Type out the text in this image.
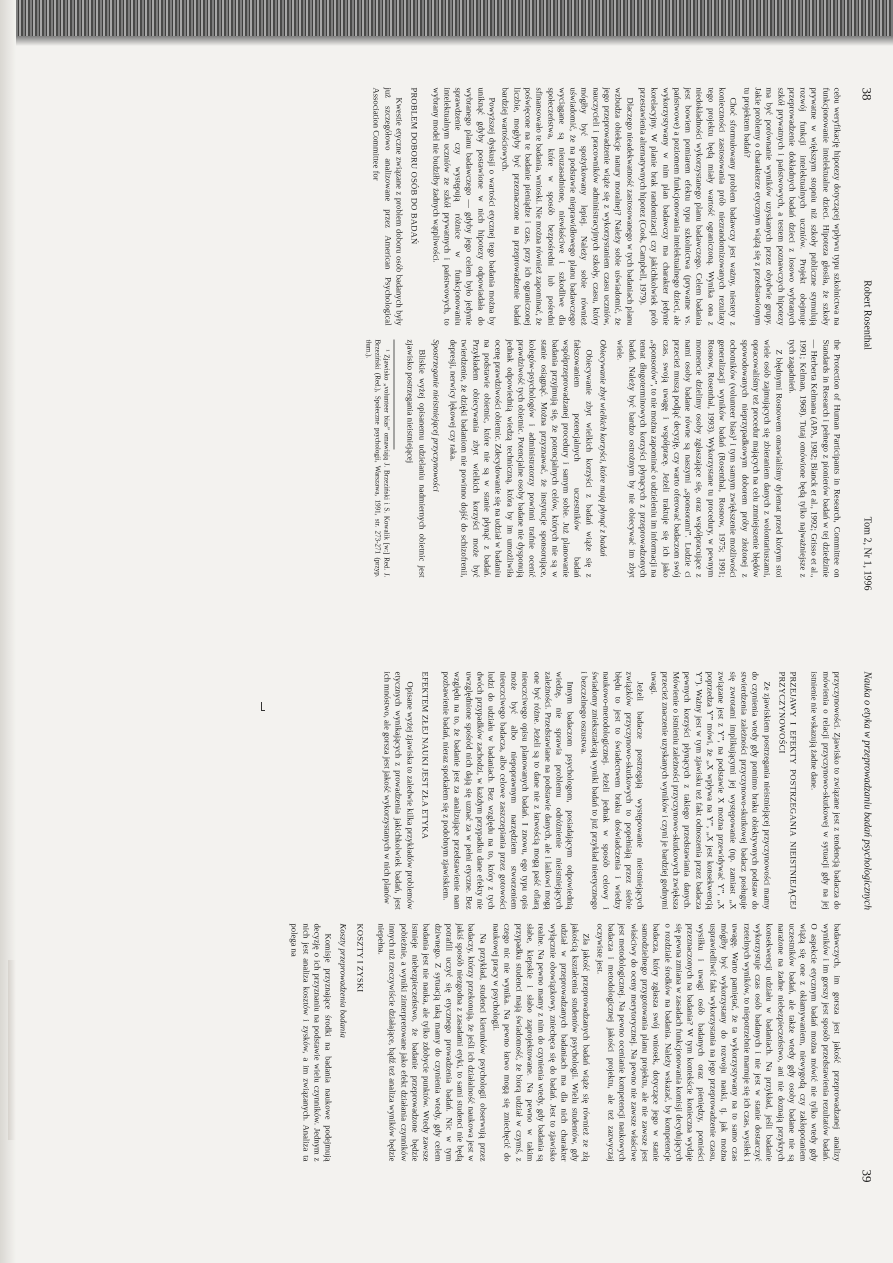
38
Robert Rosenthal
Tom 2, Nr 1, 1996

cebu weryfikację hipotezy dotyczącej wpływu typu szkolnictwa na funkcjonowanie intelektualne dzieci. Hipoteza głosiła, że szkoły prywatne w większym stopniu niż szkoły publiczne stymulują rozwój funkcji intelektualnych uczniów. Projekt obejmuje przeprowadzenie dokładnych badań dzieci z losowo wybranych szkół prywatnych i państwowych, a testem poznawczych hipotezy ma być porównanie wyników uzyskanych przez obydwie grupy. Jakie problemy o charakterze etycznym wiążą się z przedstawionym tu projektem badań?

Choć sformułowany problem badawczy jest ważny, niestety z konieczności zastosowania prób niezrandomizowanych rezultaty tego projektu będą miały wartość ograniczoną. Wynika ona z niedokładności wykorzystanego planu badawczego. Celem badania jest bowiem pomiarem efektu typu szkolnictwa (prywatne vs. państwowe) a poziomem funkcjonowania intelektualnego dzieci, ale wykorzystywany w nim plan badawczy ma charakter jedynie korelacyjny. W planie brak randomizacji czy jakichkolwiek prób przestawienia alternatywnych hipotez (Cook, Campbell, 1979).

Dlaczego nieadekwatność zastosowanego w tych badaniach planu wzbudza obiekcje natury moralnej? Należy sobie uświadomić, że jego przeprowadzenie wiąże się z wykorzystaniem czasu uczniów, nauczycieli i pracowników administracyjnych szkoły, czasu, który mógłby być spożytkowany lepiej. Należy sobie również uświadomić, że na podstawie nieprawidłowego planu badawczego wyciągane są nieuzasadnione, niewłaściwe i szkodliwe dla społeczeństwa, które w sposób bezpośredni lub pośredni sfinansowało te badania, wnioski. Nie można również zapominać, że poświęcone na te badanie pieniądze i czas, przy ich ograniczonej liczbie, mogłyby być przeznaczone na przeprowadzenie badań bardziej wartościowych.

Powyższej dyskusji o wartości etycznej tego badania można by uniknąć gdyby postawione w nich hipotezy odpowiadała do wybranego planu badawczego — gdyby jego celem było jedynie sprawdzenie czy występują różnice w funkcjonowaniu intelektualnym uczniów ze szkół prywatnych i państwowych, to wybrany model nie budziłby żadnych wątpliwości.

PROBLEM DOBORU OSÓB DO BADAŃ

Kwestie etyczne związane z problem doboru osób badanych były już szczegółowo analizowane przez American Psychological Association Committee for

the Protection of Human Participants in Research, Committee on Standards in Research i pełnego z pionierów badań w tej dziedzinie — Herberta Kelmana (APA, 1982; Blanck et al., 1992; Grisso et al., 1991; Kelman, 1968). Tutaj omówione będą tylko najważniejsze z tych zagadnień.

Z błędnymi Rosnowem omawialiśmy dylemat przed którym stoi wiele osób zajmujących się zbieraniem danych z wolontariuszami, opracowaliśmy też procedur mających na celu zmniejszenie błędów spowodowanych nieprzypadkowym doborem próby złożonej z ochotników (volunteer bias)¹ i tym samym zwiększenie możliwości generalizacji wyników badań (Rosenthal, Rosnow, 1975; 1991; Rosnow, Rosenthal, 1993). Wykorzystane tu procedury, w pewnym momencie dzielimy osoby zgłaszające się, oraz współpracujące z nami osoby badane równe są naszymi „sponsorami”. Ludzie ci przecież muszą podjąć decyzję, czy warto oferować badaczom swój czas, swoją uwagę i współpracę. Jeżeli traktuje się ich jako „sponsorów”, to nie można zapominać o udzieleniu im informacji na temat długoterminowych korzyści płynących z przeprowadzonych badań. Należy być bardzo ostrożnym by nie obiecywać im zbyt wiele.

Obiecywanie zbyt wielkich korzyści, które mają płynąć z badań

Obiecywanie zbyt wielkich korzyści z badań wiąże się z fałszowaniem potencjalnych uczestników badań współprzeprowadzanej procedury i samym sobie. Już planowanie badania przyjmują się, że potencjalnych celów, których nie są w stanie osiągnąć. Można przyznawać, że instytucje sponsorujące, kolegów-psychologów i administratorzy powinni trafnie ocenić prawdziwość tych obietnic. Potencjalne osoby badane nie dysponują jednak odpowiednią wiedzą techniczną, która by im umożliwiła ocenę prawdziwości obietnic. Zdecydowanie się na udział w badaniu na podstawie obietnic, które nie są w stanie płynąć z badań. Przykładem obiecywania zbyt wielkich korzyści może być twierdzenie, że dzięki badaniom nie powinno dojść do schizofrenii, depresji, nerwicy lękowej czy raka.

Spostrzeganie nieistniejącej przyczynowości

Bliskie wyżej opisanemu udzielaniu nadmiernych obietnic jest zjawisko postrzegania nieistniejącej

¹ Zjawisko „volunteer bias” omawiają J. Brzeziński i S. Kowalik [w:] Red. J. Brzeziński (Red.), Społeczne psychologii, Warszawa, 1991, str. 273-271 (przyp. tłum.).

Nauka o etyka w przeprowadzaniu badań psychologicznych
39

przyczynowości. Zjawisko to związane jest z tendencją badacza do mówienia o relacji przyczynowo-skutkowej w sytuacji gdy na jej istnienie nie wskazują żadne dane.

PRZEJAWY I EFEKTY POSTRZEGANIA NIEISTNIEJĄCEJ PRZYCZYNOWOŚCI

Ze zjawiskiem postrzegania nieistniejącej przyczynowości mamy do czynienia wtedy gdy pomimo braku obiektywnych podstaw do stwierdzenia zależności przyczynowo-skutkowej badacz posługuje się zwrotami implikującymi jej występowanie (np. zamiast „X związane jest z Y”, na podstawie X można przewidywać Y”, „X poprzedza Y” mówi, że „X wpływa na Y”, „X jest konsekwencją Y”). Ważny jest w tym zjawisku też fakt odnoszenia przez badacza pewnych korzyści płynących z takiego przedstawiania danych. Mówienie o istnieniu zależności przyczynowo-skutkowych zwiększa przecież znaczenie uzyskanych wyników i czyni je bardziej godnymi uwagi.

Jeżeli badacze postrzegają występowanie nieistniejących związków przyczynowo-skutkowych to popełniają przez siebie błędu to jest to świadectwem braku doświadczenia i wiedzy naukowo-metodologicznej. Jeżeli jednak w sposób celowy i świadomy zniekształcają wyniki badań to już przykład nieetycznego i bezczelnego oszustwa.

Innym badaczom psychologom, posiadającym odpowiednią wiedzę, nie sprawia problemu odróżnienie nieistniejących zależności. Przedstawiane na podstawie danych, ale i laikowi mogą one być różne. Jeżeli są to dane nie z łatwością mogą paść ofiarą nieuczciwego opisu planowanych badań. I znowu, ego typu opis może być albo niepoprawnym narzędziem stworzeniem nieuczciwego badacza, albo celowe zaszczepiania przez gotowości ludzi do udziału w badaniach. Bez względu na to, który z tych dwóch przypadków zachodzi, w każdym przypadku dane efekty nie uwzględnione spośród nich dają się uznać za w pełni etyczne. Bez względu na to, że badanie jest za analizujące przedstawienie nam pozbawienie badań, nieraz spotkałem się z podobnym zjawiskiem.

EFEKTEM ZŁEJ NAUKI JEST ZŁA ETYKA

Opisane wyżej zjawiska to zaledwie kilka przykładów problemów etycznych wynikających z prowadzenia jakichkolwiek badań, jest ich mnóstwo, ale gorsza jest jakość wykorzystanych w nich planów

badawczych, im gorsza jest jakość przeprowadzanej analizy wyników i im gorszy jest sposób przedstawienia rezultatów badań. O aspekcie etycznym badań można mówić nie tylko wtedy gdy wiążą się one z okłamywaniem, niewygodą czy zakłopotaniem uczestników badań, ale także wtedy gdy osoby badane nie są narażone na żadne niebezpieczeństwo, ani nie doznają przykrych konsekwencji udziału w badaniach. Na przykład, jeśli badanie wykorzystuje czas osób badanych i nie jest w stanie dostarczyć rzetelnych wyników, to niepotrzebnie marnuje się ich czas, wysiłek i uwagę. Warto pamiętać, że ta wykorzystywany na to samo czas mógłby być wykorzystany do rozwoju nauki, tj. jak można usprawiedliwić fakt wykorzystania na jego przeprowadzenie czasu, wysiłku i uwagi osób badanych oraz pieniędzy, pomieści przeznaczonych na badania? W tym kontekście konieczna wydaje się pewna zmiana w zasadach funkcjonowania komisji decydujących o rozdziale środków na badania. Należy wskazać, by kompetencje badacza, który zgłasza swój wniosek, dotyczące jego w stanie samodzielnego przygotowania planu projektu, ale nie zawsze jest właściwy do oceny merytorycznej. Na pewno nie zawsze właściwe jest metodologicznej. Na pewno ocenianie kompetencji naukowych badacza i metodologicznej jakości projektu, ale też zazwyczaj oczywiste jest.

Zła jakość przeprowadzanych badań wiąże się również ze złą jakością kształcenia studentów psychologii. Wielu studentów, gdy udział w przeprowadzanych badaniach ma dla nich charakter wyłącznie obowiązkowy, zniechęca się do badań. Jest to zjawisko realne. Na pewno mamy z nim do czynienia wtedy, gdy badania są słabe, kiepskie i słabo zaprojektowane. Na pewno w takim przypadku studenci mają świadomość, że biorą udział w czymś, z czego nic nie wynika. Na pewno łatwo mogą się zniechęcić do naukowej pracy w psychologii.

Na przykład, studenci kierunków psychologii obserwują przez badaczy, którzy przekonują, że jeśli ich działalność naukowa jest w jakiś sposób niezgodna z zasadami etyki, to sami studenci nie będą potrafili uczyć się etycznego prowadzenia badań. Nic w tym dziwnego. Z sytuacją taką mamy do czynienia wtedy, gdy celem badania jest nie nauka, ale tylko zdobycie punktów. Wtedy zawsze istnieje niebezpieczeństwo, że badanie przeprowadzone będzie pobieżnie, a wyniki zinterpretowane jako efekt działania czynników innych niż rzeczywiście działające, bądź też analiza wyników będzie niepełna.

KOSZTY I ZYSKI
Koszty przeprowadzenia badania

Komisje przyznające środki na badania naukowe podejmują decyzję o ich przyznaniu na podstawie wielu czynników. Jednym z nich jest analiza kosztów i zysków, a im związanych. Analiza ta polega na
